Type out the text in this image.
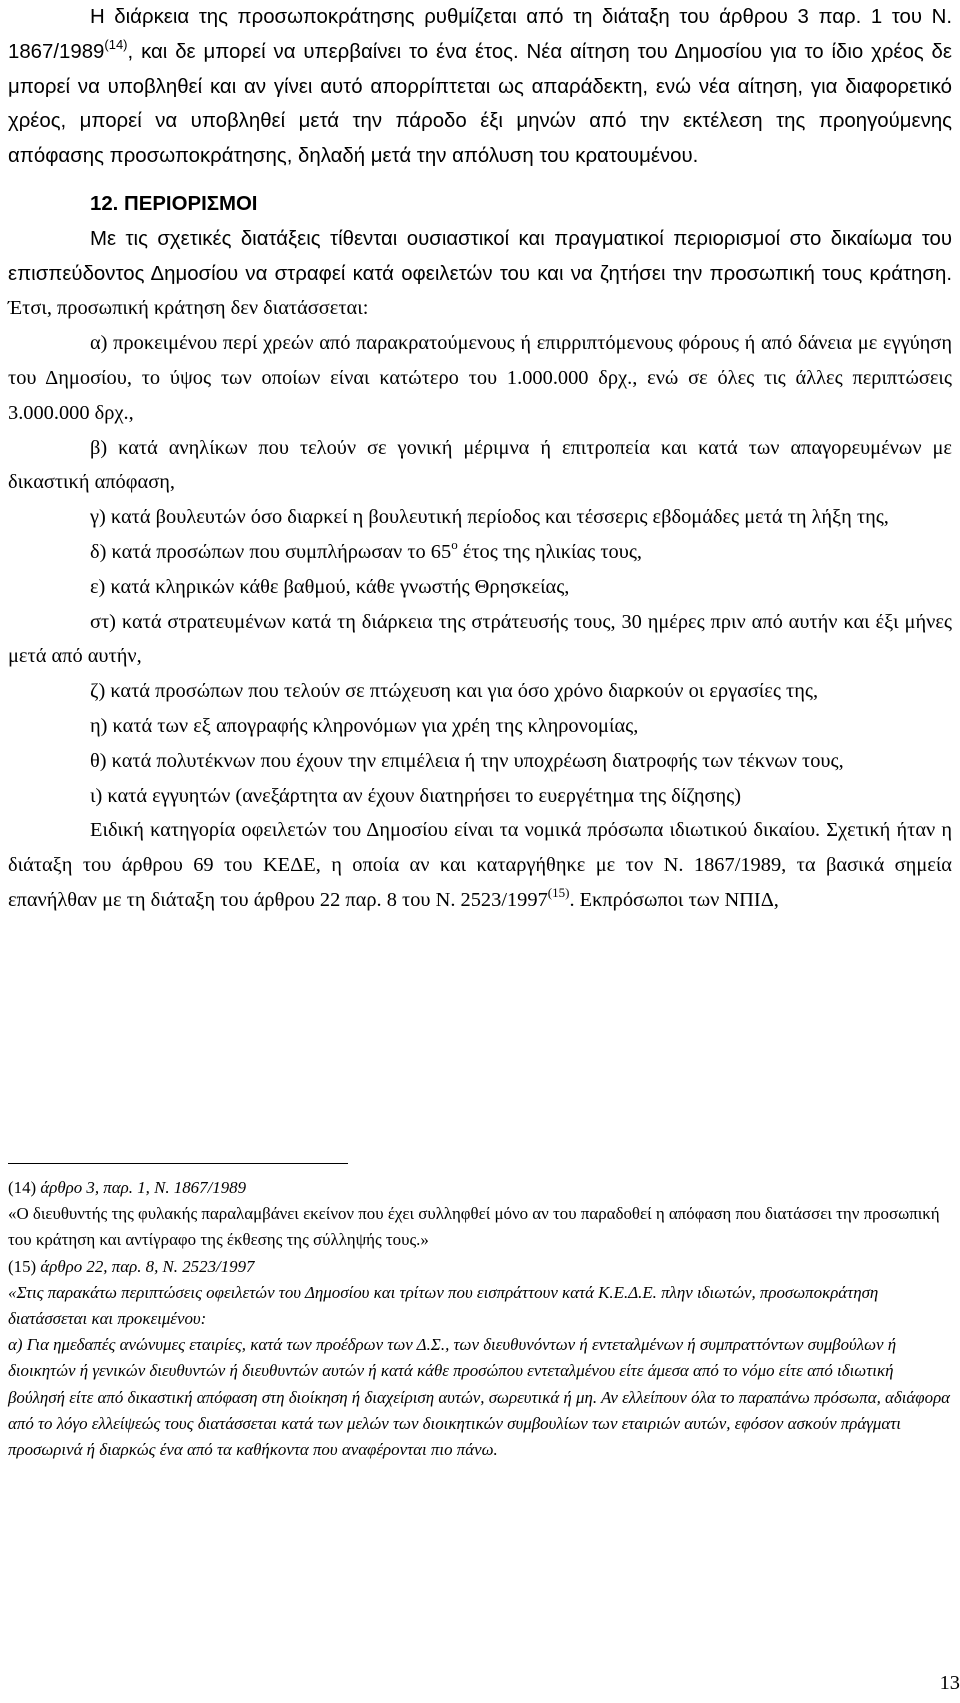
Η διάρκεια της προσωποκράτησης ρυθμίζεται από τη διάταξη του άρθρου 3 παρ. 1 του Ν. 1867/1989$^{(14)}$, και δε μπορεί να υπερβαίνει το ένα έτος. Νέα αίτηση του Δημοσίου για το ίδιο χρέος δε μπορεί να υποβληθεί και αν γίνει αυτό απορρίπτεται ως απαράδεκτη, ενώ νέα αίτηση, για διαφορετικό χρέος, μπορεί να υποβληθεί μετά την πάροδο έξι μηνών από την εκτέλεση της προηγούμενης απόφασης προσωποκράτησης, δηλαδή μετά την απόλυση του κρατουμένου.

12. ΠΕΡΙΟΡΙΣΜΟΙ

Με τις σχετικές διατάξεις τίθενται ουσιαστικοί και πραγματικοί περιορισμοί στο δικαίωμα του επισπεύδοντος Δημοσίου να στραφεί κατά οφειλετών του και να ζητήσει την προσωπική τους κράτηση. Έτσι, προσωπική κράτηση δεν διατάσσεται:

α) προκειμένου περί χρεών από παρακρατούμενους ή επιρριπτόμενους φόρους ή από δάνεια με εγγύηση του Δημοσίου, το ύψος των οποίων είναι κατώτερο του 1.000.000 δρχ., ενώ σε όλες τις άλλες περιπτώσεις 3.000.000 δρχ.,

β) κατά ανηλίκων που τελούν σε γονική μέριμνα ή επιτροπεία και κατά των απαγορευμένων με δικαστική απόφαση,

γ) κατά βουλευτών όσο διαρκεί η βουλευτική περίοδος και τέσσερις εβδομάδες μετά τη λήξη της,

δ) κατά προσώπων που συμπλήρωσαν το $65^o$ έτος της ηλικίας τους,

ε) κατά κληρικών κάθε βαθμού, κάθε γνωστής Θρησκείας,

στ) κατά στρατευμένων κατά τη διάρκεια της στράτευσής τους, 30 ημέρες πριν από αυτήν και έξι μήνες μετά από αυτήν,

ζ) κατά προσώπων που τελούν σε πτώχευση και για όσο χρόνο διαρκούν οι εργασίες της,

η) κατά των εξ απογραφής κληρονόμων για χρέη της κληρονομίας,

θ) κατά πολυτέκνων που έχουν την επιμέλεια ή την υποχρέωση διατροφής των τέκνων τους,

ι) κατά εγγυητών (ανεξάρτητα αν έχουν διατηρήσει το ευεργέτημα της δίζησης)

Ειδική κατηγορία οφειλετών του Δημοσίου είναι τα νομικά πρόσωπα ιδιωτικού δικαίου. Σχετική ήταν η διάταξη του άρθρου 69 του ΚΕΔΕ, η οποία αν και καταργήθηκε με τον Ν. 1867/1989, τα βασικά σημεία επανήλθαν με τη διάταξη του άρθρου 22 παρ. 8 του Ν. 2523/1997$^{(15)}$. Εκπρόσωποι των ΝΠΙΔ,

(14) άρθρο 3, παρ. 1, Ν. 1867/1989

«Ο διευθυντής της φυλακής παραλαμβάνει εκείνον που έχει συλληφθεί μόνο αν του παραδοθεί η απόφαση που διατάσσει την προσωπική του κράτηση και αντίγραφο της έκθεσης της σύλληψής τους.»

(15) άρθρο 22, παρ. 8, Ν. 2523/1997

«Στις παρακάτω περιπτώσεις οφειλετών του Δημοσίου και τρίτων που εισπράττουν κατά Κ.Ε.Δ.Ε. πλην ιδιωτών, προσωποκράτηση διατάσσεται και προκειμένου:

α) Για ημεδαπές ανώνυμες εταιρίες, κατά των προέδρων των Δ.Σ., των διευθυνόντων ή εντεταλμένων ή συμπραττόντων συμβούλων ή διοικητών ή γενικών διευθυντών ή διευθυντών αυτών ή κατά κάθε προσώπου εντεταλμένου είτε άμεσα από το νόμο είτε από ιδιωτική βούλησή είτε από δικαστική απόφαση στη διοίκηση ή διαχείριση αυτών, σωρευτικά ή μη. Αν ελλείπουν όλα το παραπάνω πρόσωπα, αδιάφορα από το λόγο ελλείψεώς τους διατάσσεται κατά των μελών των διοικητικών συμβουλίων των εταιριών αυτών, εφόσον ασκούν πράγματι προσωρινά ή διαρκώς ένα από τα καθήκοντα που αναφέρονται πιο πάνω.

13
